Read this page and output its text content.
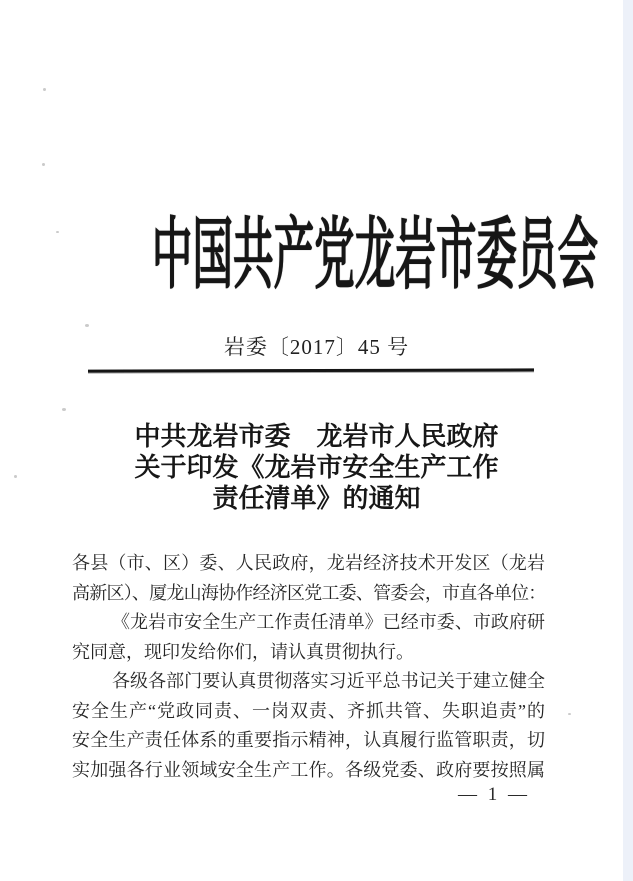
中国共产党龙岩市委员会
岩委〔2017〕45 号
中共龙岩市委　龙岩市人民政府
关于印发《龙岩市安全生产工作
责任清单》的通知
各县（市、区）委、人民政府，龙岩经济技术开发区（龙岩
高新区）、厦龙山海协作经济区党工委、管委会，市直各单位：
《龙岩市安全生产工作责任清单》已经市委、市政府研
究同意，现印发给你们，请认真贯彻执行。
各级各部门要认真贯彻落实习近平总书记关于建立健全
安全生产“党政同责、一岗双责、齐抓共管、失职追责”的
安全生产责任体系的重要指示精神，认真履行监管职责，切
实加强各行业领域安全生产工作。各级党委、政府要按照属
— 1 —
